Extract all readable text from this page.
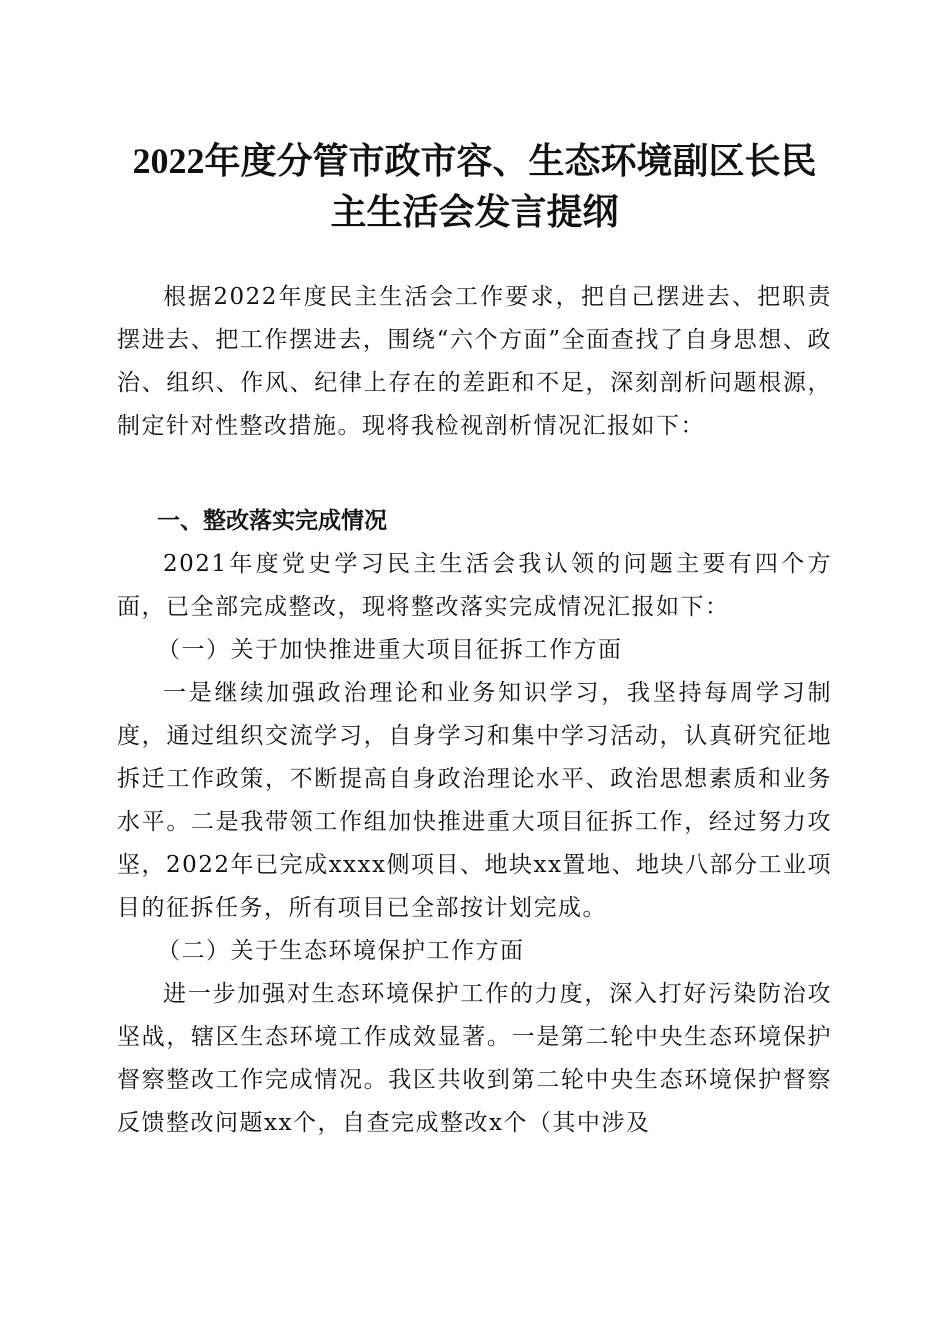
2022年度分管市政市容、生态环境副区长民
主生活会发言提纲
根据2022年度民主生活会工作要求，把自己摆进去、把职责摆进去、把工作摆进去，围绕“六个方面”全面查找了自身思想、政治、组织、作风、纪律上存在的差距和不足，深刻剖析问题根源，制定针对性整改措施。现将我检视剖析情况汇报如下：
一、整改落实完成情况
2021年度党史学习民主生活会我认领的问题主要有四个方面，已全部完成整改，现将整改落实完成情况汇报如下：
（一）关于加快推进重大项目征拆工作方面
一是继续加强政治理论和业务知识学习，我坚持每周学习制度，通过组织交流学习，自身学习和集中学习活动，认真研究征地拆迁工作政策，不断提高自身政治理论水平、政治思想素质和业务水平。二是我带领工作组加快推进重大项目征拆工作，经过努力攻坚，2022年已完成xxxx侧项目、地块xx置地、地块八部分工业项目的征拆任务，所有项目已全部按计划完成。
（二）关于生态环境保护工作方面
进一步加强对生态环境保护工作的力度，深入打好污染防治攻坚战，辖区生态环境工作成效显著。一是第二轮中央生态环境保护督察整改工作完成情况。我区共收到第二轮中央生态环境保护督察反馈整改问题xx个，自查完成整改x个（其中涉及
